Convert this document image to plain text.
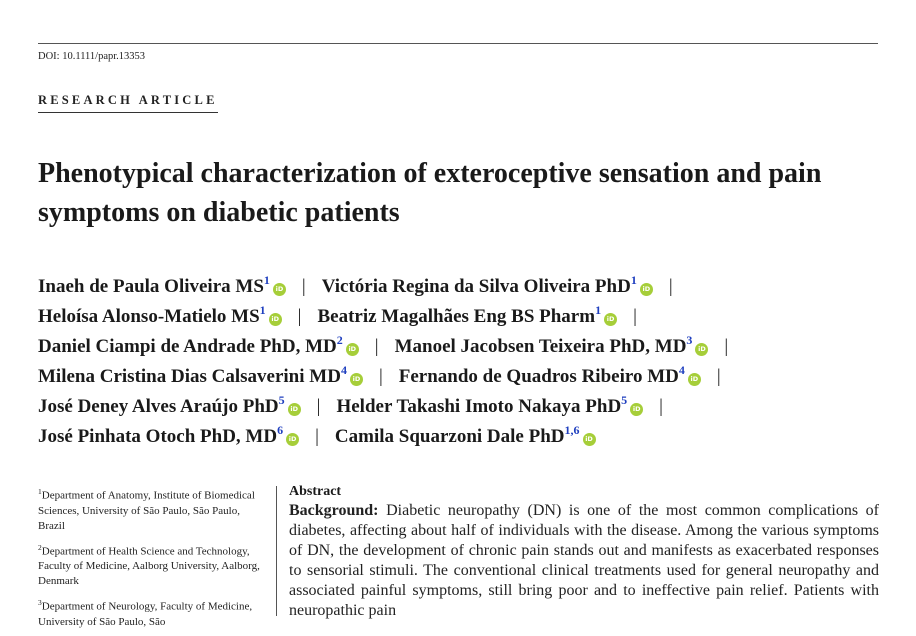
DOI: 10.1111/papr.13353
RESEARCH ARTICLE
Phenotypical characterization of exteroceptive sensation and pain symptoms on diabetic patients
Inaeh de Paula Oliveira $MS^1iD$ | Victória Regina da Silva Oliveira PhD$^1$iD |
Heloísa Alonso-Matielo $MS^1iD$ | Beatriz Magalhães Eng BS Pharm$^1$iD |
Daniel Ciampi de Andrade PhD, $MD^2iD$ | Manoel Jacobsen Teixeira PhD, $MD^3iD$ |
Milena Cristina Dias Calsaverini $MD^4iD$ | Fernando de Quadros Ribeiro $MD^4iD$ |
José Deney Alves Araújo PhD$^5$iD | Helder Takashi Imoto Nakaya PhD$^5$iD |
José Pinhata Otoch PhD, $MD^6iD$ | Camila Squarzoni Dale PhD$^{1,6}$iD
$^1$Department of Anatomy, Institute of Biomedical Sciences, University of São Paulo, São Paulo, Brazil
$^2$Department of Health Science and Technology, Faculty of Medicine, Aalborg University, Aalborg, Denmark
$^3$Department of Neurology, Faculty of Medicine, University of São Paulo, São
Abstract

Background: Diabetic neuropathy (DN) is one of the most common complications of diabetes, affecting about half of individuals with the disease. Among the various symptoms of DN, the development of chronic pain stands out and manifests as exacerbated responses to sensorial stimuli. The conventional clinical treatments used for general neuropathy and associated painful symptoms, still bring poor and to ineffective pain relief. Patients with neuropathic pain
